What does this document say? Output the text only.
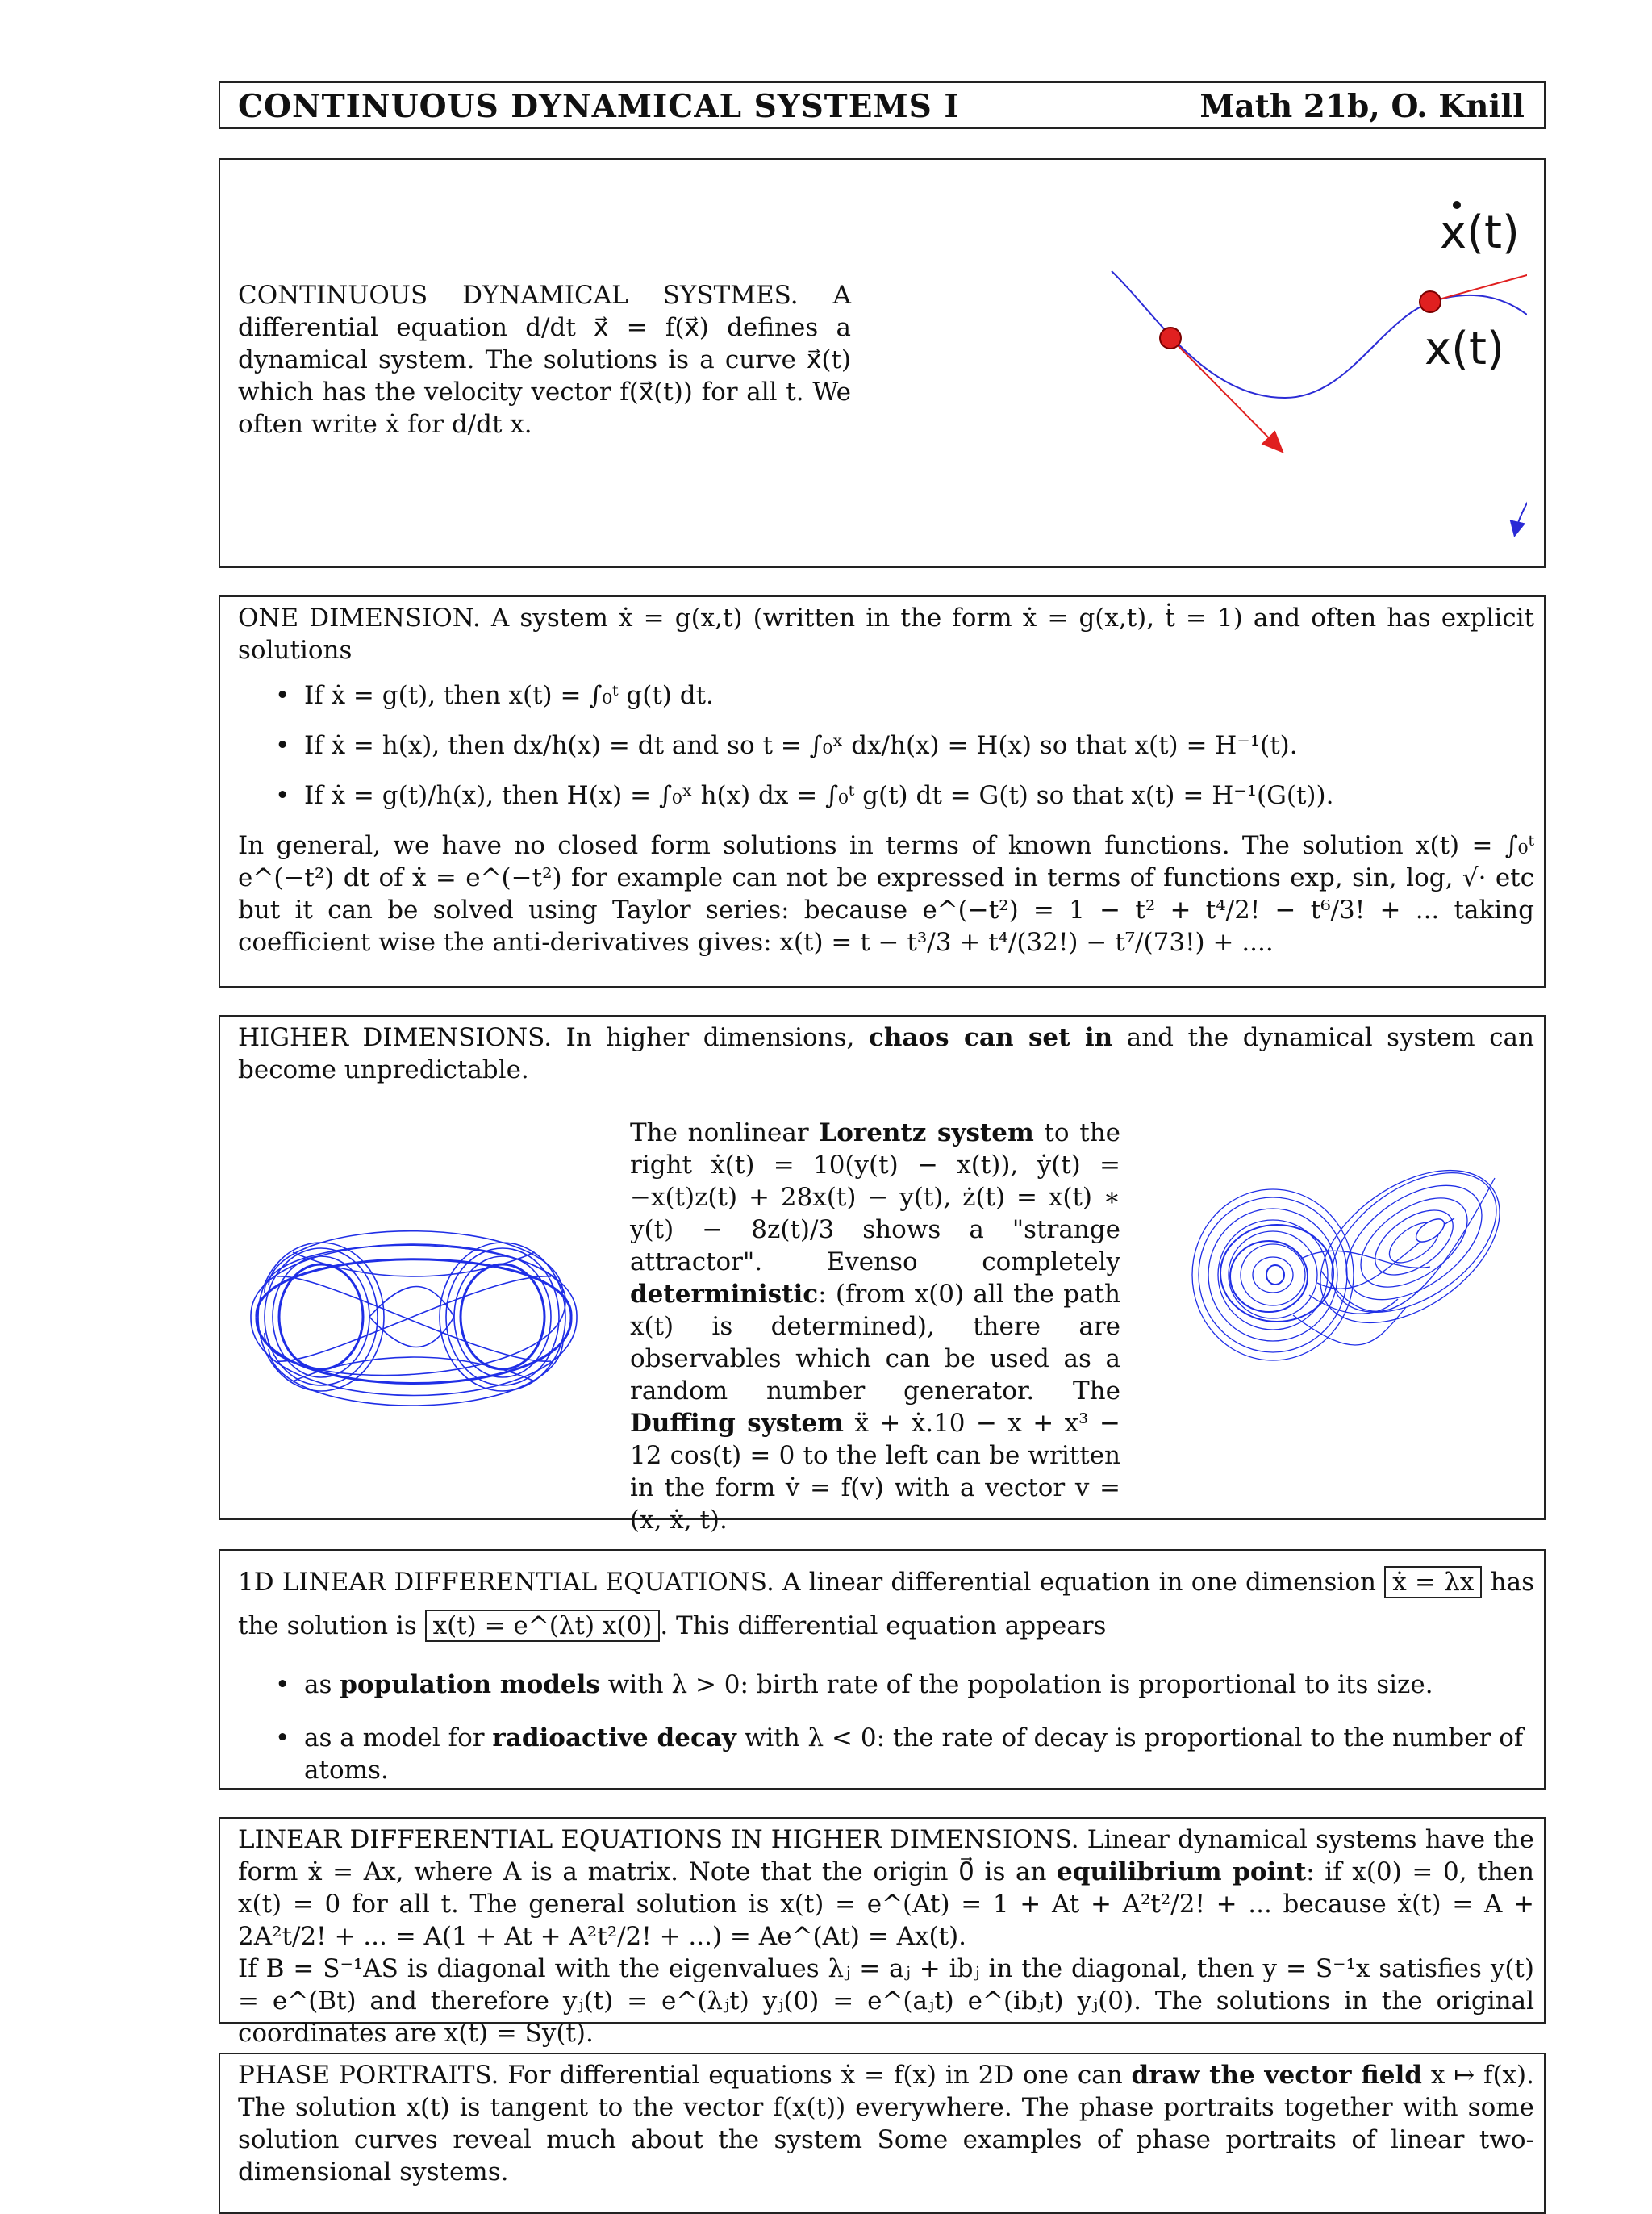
CONTINUOUS DYNAMICAL SYSTEMS I	Math 21b, O. Knill
CONTINUOUS DYNAMICAL SYSTMES. A differential equation d/dt x⃗ = f(x⃗) defines a dynamical system. The solutions is a curve x⃗(t) which has the velocity vector f(x⃗(t)) for all t. We often write ẋ for d/dt x.
x(t)
x(t)

ONE DIMENSION. A system ẋ = g(x,t) (written in the form ẋ = g(x,t), ṫ = 1) and often has explicit solutions

• If ẋ = g(t), then x(t) = ∫₀ᵗ g(t) dt.
• If ẋ = h(x), then dx/h(x) = dt and so t = ∫₀ˣ dx/h(x) = H(x) so that x(t) = H⁻¹(t).
• If ẋ = g(t)/h(x), then H(x) = ∫₀ˣ h(x) dx = ∫₀ᵗ g(t) dt = G(t) so that x(t) = H⁻¹(G(t)).

In general, we have no closed form solutions in terms of known functions. The solution x(t) = ∫₀ᵗ e^(−t²) dt of ẋ = e^(−t²) for example can not be expressed in terms of functions exp, sin, log, √· etc but it can be solved using Taylor series: because e^(−t²) = 1 − t² + t⁴/2! − t⁶/3! + ... taking coefficient wise the anti-derivatives gives: x(t) = t − t³/3 + t⁴/(32!) − t⁷/(73!) + ....

HIGHER DIMENSIONS. In higher dimensions, chaos can set in and the dynamical system can become unpredictable.

The nonlinear Lorentz system to the right ẋ(t) = 10(y(t) − x(t)), ẏ(t) = −x(t)z(t) + 28x(t) − y(t), ż(t) = x(t) ∗ y(t) − 8z(t)/3 shows a "strange attractor". Evenso completely deterministic: (from x(0) all the path x(t) is determined), there are observables which can be used as a random number generator. The Duffing system ẍ + ẋ.10 − x + x³ − 12 cos(t) = 0 to the left can be written in the form v̇ = f(v) with a vector v = (x, ẋ, t).

1D LINEAR DIFFERENTIAL EQUATIONS. A linear differential equation in one dimension ẋ = λx has the solution is x(t) = e^(λt) x(0) . This differential equation appears

• as population models with λ > 0: birth rate of the popolation is proportional to its size.
• as a model for radioactive decay with λ < 0: the rate of decay is proportional to the number of atoms.

LINEAR DIFFERENTIAL EQUATIONS IN HIGHER DIMENSIONS. Linear dynamical systems have the form ẋ = Ax, where A is a matrix. Note that the origin 0⃗ is an equilibrium point: if x(0) = 0, then x(t) = 0 for all t. The general solution is x(t) = e^(At) = 1 + At + A²t²/2! + ... because ẋ(t) = A + 2A²t/2! + ... = A(1 + At + A²t²/2! + ...) = Ae^(At) = Ax(t).

If B = S⁻¹AS is diagonal with the eigenvalues λⱼ = aⱼ + ibⱼ in the diagonal, then y = S⁻¹x satisfies y(t) = e^(Bt) and therefore yⱼ(t) = e^(λⱼt) yⱼ(0) = e^(aⱼt) e^(ibⱼt) yⱼ(0). The solutions in the original coordinates are x(t) = Sy(t).

PHASE PORTRAITS. For differential equations ẋ = f(x) in 2D one can draw the vector field x ↦ f(x). The solution x(t) is tangent to the vector f(x(t)) everywhere. The phase portraits together with some solution curves reveal much about the system Some examples of phase portraits of linear two-dimensional systems.
